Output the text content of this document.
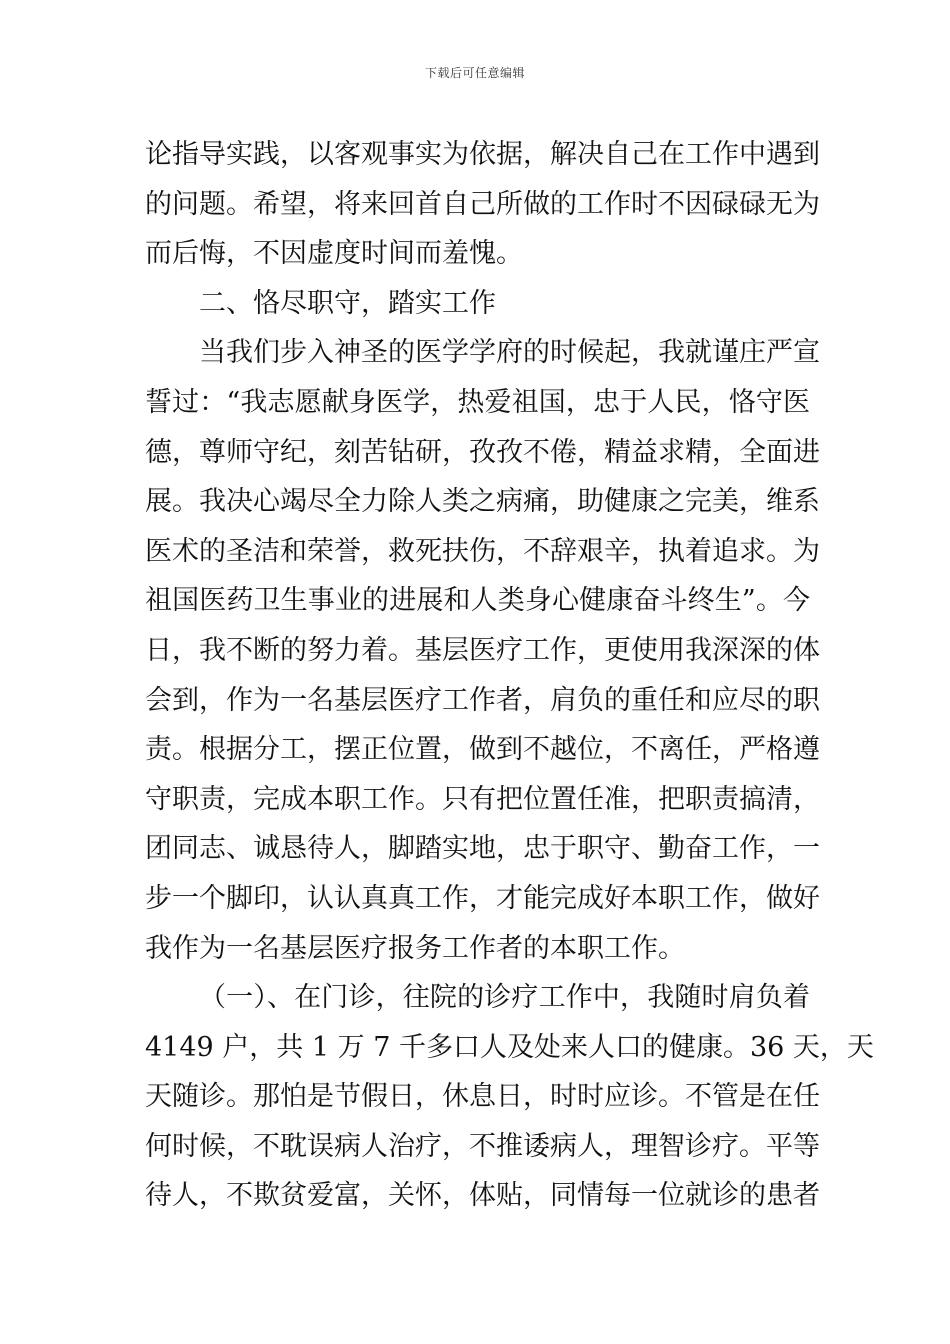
下载后可任意编辑
论指导实践，以客观事实为依据，解决自己在工作中遇到
的问题。希望，将来回首自己所做的工作时不因碌碌无为
而后悔，不因虚度时间而羞愧。
二、恪尽职守，踏实工作
当我们步入神圣的医学学府的时候起，我就谨庄严宣
誓过：“我志愿献身医学，热爱祖国，忠于人民，恪守医
德，尊师守纪，刻苦钻研，孜孜不倦，精益求精，全面进
展。我决心竭尽全力除人类之病痛，助健康之完美，维系
医术的圣洁和荣誉，救死扶伤，不辞艰辛，执着追求。为
祖国医药卫生事业的进展和人类身心健康奋斗终生”。今
日，我不断的努力着。基层医疗工作，更使用我深深的体
会到，作为一名基层医疗工作者，肩负的重任和应尽的职
责。根据分工，摆正位置，做到不越位，不离任，严格遵
守职责，完成本职工作。只有把位置任准，把职责搞清，
团同志、诚恳待人，脚踏实地，忠于职守、勤奋工作，一
步一个脚印，认认真真工作，才能完成好本职工作，做好
我作为一名基层医疗报务工作者的本职工作。
（一）、在门诊，往院的诊疗工作中，我随时肩负着
4149 户，共 1 万 7 千多口人及处来人口的健康。36 天，天
天随诊。那怕是节假日，休息日，时时应诊。不管是在任
何时候，不耽误病人治疗，不推诿病人，理智诊疗。平等
待人，不欺贫爱富，关怀，体贴，同情每一位就诊的患者
